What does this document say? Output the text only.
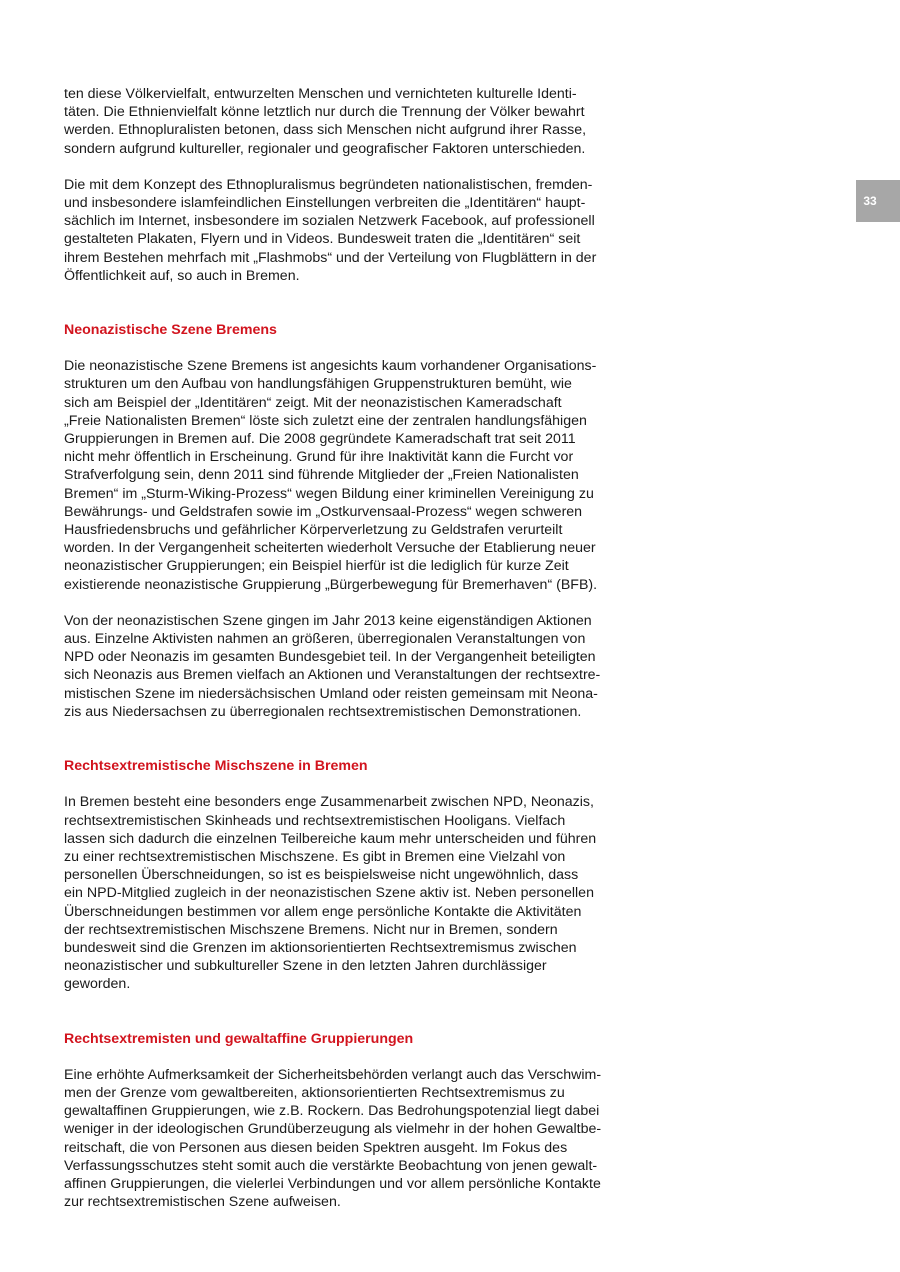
33

ten diese Völkervielfalt, entwurzelten Menschen und vernichteten kulturelle Identi-
täten. Die Ethnienvielfalt könne letztlich nur durch die Trennung der Völker bewahrt
werden. Ethnopluralisten betonen, dass sich Menschen nicht aufgrund ihrer Rasse,
sondern aufgrund kultureller, regionaler und geografischer Faktoren unterschieden.

Die mit dem Konzept des Ethnopluralismus begründeten nationalistischen, fremden-
und insbesondere islamfeindlichen Einstellungen verbreiten die „Identitären“ haupt-
sächlich im Internet, insbesondere im sozialen Netzwerk Facebook, auf professionell
gestalteten Plakaten, Flyern und in Videos. Bundesweit traten die „Identitären“ seit
ihrem Bestehen mehrfach mit „Flashmobs“ und der Verteilung von Flugblättern in der
Öffentlichkeit auf, so auch in Bremen.

Neonazistische Szene Bremens

Die neonazistische Szene Bremens ist angesichts kaum vorhandener Organisations-
strukturen um den Aufbau von handlungsfähigen Gruppenstrukturen bemüht, wie
sich am Beispiel der „Identitären“ zeigt. Mit der neonazistischen Kameradschaft
„Freie Nationalisten Bremen“ löste sich zuletzt eine der zentralen handlungsfähigen
Gruppierungen in Bremen auf. Die 2008 gegründete Kameradschaft trat seit 2011
nicht mehr öffentlich in Erscheinung. Grund für ihre Inaktivität kann die Furcht vor
Strafverfolgung sein, denn 2011 sind führende Mitglieder der „Freien Nationalisten
Bremen“ im „Sturm-Wiking-Prozess“ wegen Bildung einer kriminellen Vereinigung zu
Bewährungs- und Geldstrafen sowie im „Ostkurvensaal-Prozess“ wegen schweren
Hausfriedensbruchs und gefährlicher Körperverletzung zu Geldstrafen verurteilt
worden. In der Vergangenheit scheiterten wiederholt Versuche der Etablierung neuer
neonazistischer Gruppierungen; ein Beispiel hierfür ist die lediglich für kurze Zeit
existierende neonazistische Gruppierung „Bürgerbewegung für Bremerhaven“ (BFB).

Von der neonazistischen Szene gingen im Jahr 2013 keine eigenständigen Aktionen
aus. Einzelne Aktivisten nahmen an größeren, überregionalen Veranstaltungen von
NPD oder Neonazis im gesamten Bundesgebiet teil. In der Vergangenheit beteiligten
sich Neonazis aus Bremen vielfach an Aktionen und Veranstaltungen der rechtsextre-
mistischen Szene im niedersächsischen Umland oder reisten gemeinsam mit Neona-
zis aus Niedersachsen zu überregionalen rechtsextremistischen Demonstrationen.

Rechtsextremistische Mischszene in Bremen

In Bremen besteht eine besonders enge Zusammenarbeit zwischen NPD, Neonazis,
rechtsextremistischen Skinheads und rechtsextremistischen Hooligans. Vielfach
lassen sich dadurch die einzelnen Teilbereiche kaum mehr unterscheiden und führen
zu einer rechtsextremistischen Mischszene. Es gibt in Bremen eine Vielzahl von
personellen Überschneidungen, so ist es beispielsweise nicht ungewöhnlich, dass
ein NPD-Mitglied zugleich in der neonazistischen Szene aktiv ist. Neben personellen
Überschneidungen bestimmen vor allem enge persönliche Kontakte die Aktivitäten
der rechtsextremistischen Mischszene Bremens. Nicht nur in Bremen, sondern
bundesweit sind die Grenzen im aktionsorientierten Rechtsextremismus zwischen
neonazistischer und subkultureller Szene in den letzten Jahren durchlässiger
geworden.

Rechtsextremisten und gewaltaffine Gruppierungen

Eine erhöhte Aufmerksamkeit der Sicherheitsbehörden verlangt auch das Verschwim-
men der Grenze vom gewaltbereiten, aktionsorientierten Rechtsextremismus zu
gewaltaffinen Gruppierungen, wie z.B. Rockern. Das Bedrohungspotenzial liegt dabei
weniger in der ideologischen Grundüberzeugung als vielmehr in der hohen Gewaltbe-
reitschaft, die von Personen aus diesen beiden Spektren ausgeht. Im Fokus des
Verfassungsschutzes steht somit auch die verstärkte Beobachtung von jenen gewalt-
affinen Gruppierungen, die vielerlei Verbindungen und vor allem persönliche Kontakte
zur rechtsextremistischen Szene aufweisen.
